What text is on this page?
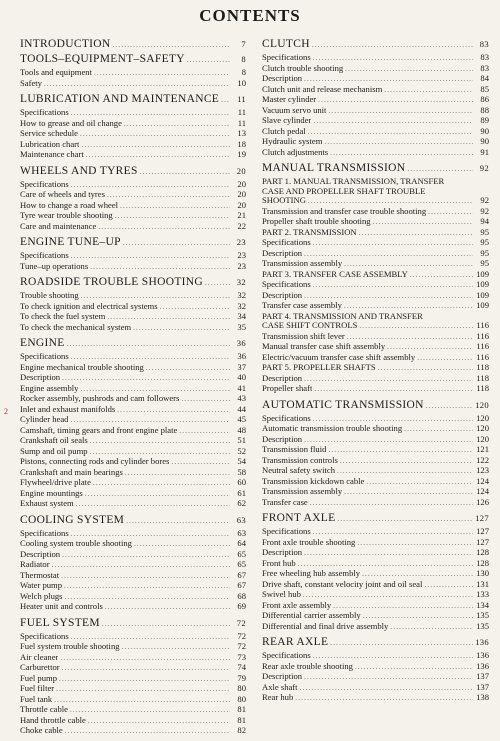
CONTENTS
2
INTRODUCTION .....	7
TOOLS–EQUIPMENT–SAFETY .....	8
Tools and equipment .....	8
Safety .....	10
LUBRICATION AND MAINTENANCE .....	11
Specifications .....	11
How to grease and oil change .....	11
Service schedule .....	13
Lubrication chart .....	18
Maintenance chart .....	19
WHEELS AND TYRES .....	20
Specifications .....	20
Care of wheels and tyres .....	20
How to change a road wheel .....	20
Tyre wear trouble shooting .....	21
Care and maintenance .....	22
ENGINE TUNE–UP .....	23
Specifications .....	23
Tune–up operations .....	23
ROADSIDE TROUBLE SHOOTING .....	32
Trouble shooting .....	32
To check ignition and electrical systems .....	32
To check the fuel system .....	34
To check the mechanical system .....	35
ENGINE .....	36
Specifications .....	36
Engine mechanical trouble shooting .....	37
Description .....	40
Engine assembly .....	41
Rocker assembly, pushrods and cam followers .....	43
Inlet and exhaust manifolds .....	44
Cylinder head .....	45
Camshaft, timing gears and front engine plate .....	48
Crankshaft oil seals .....	51
Sump and oil pump .....	52
Pistons, connecting rods and cylinder bores .....	54
Crankshaft and main bearings .....	58
Flywheel/drive plate .....	60
Engine mountings .....	61
Exhaust system .....	62
COOLING SYSTEM .....	63
Specifications .....	63
Cooling system trouble shooting .....	64
Description .....	65
Radiator .....	65
Thermostat .....	67
Water pump .....	67
Welch plugs .....	68
Heater unit and controls .....	69
FUEL SYSTEM .....	72
Specifications .....	72
Fuel system trouble shooting .....	72
Air cleaner .....	73
Carburettor .....	74
Fuel pump .....	79
Fuel filter .....	80
Fuel tank .....	80
Throttle cable .....	81
Hand throttle cable .....	81
Choke cable .....	82
CLUTCH .....	83
Specifications .....	83
Clutch trouble shooting .....	83
Description .....	84
Clutch unit and release mechanism .....	85
Master cylinder .....	86
Vacuum servo unit .....	88
Slave cylinder .....	89
Clutch pedal .....	90
Hydraulic system .....	90
Clutch adjustments .....	91
MANUAL TRANSMISSION .....	92
PART 1. MANUAL TRANSMISSION, TRANSFER
CASE AND PROPELLER SHAFT TROUBLE
SHOOTING .....	92
Transmission and transfer case trouble shooting .....	92
Propeller shaft trouble shooting .....	94
PART 2. TRANSMISSION .....	95
Specifications .....	95
Description .....	95
Transmission assembly .....	95
PART 3. TRANSFER CASE ASSEMBLY .....	109
Specifications .....	109
Description .....	109
Transfer case assembly .....	109
PART 4. TRANSMISSION AND TRANSFER
CASE SHIFT CONTROLS .....	116
Transmission shift lever .....	116
Manual transfer case shift assembly .....	116
Electric/vacuum transfer case shift assembly .....	116
PART 5. PROPELLER SHAFTS .....	118
Description .....	118
Propeller shaft .....	118
AUTOMATIC TRANSMISSION .....	120
Specifications .....	120
Automatic transmission trouble shooting .....	120
Description .....	120
Transmission fluid .....	121
Transmission controls .....	122
Neutral safety switch .....	123
Transmission kickdown cable .....	124
Transmission assembly .....	124
Transfer case .....	126
FRONT AXLE .....	127
Specifications .....	127
Front axle trouble shooting .....	127
Description .....	128
Front hub .....	128
Free wheeling hub assembly .....	130
Drive shaft, constant velocity joint and oil seal .....	131
Swivel hub .....	133
Front axle assembly .....	134
Differential carrier assembly .....	135
Differential and final drive assembly .....	135
REAR AXLE .....	136
Specifications .....	136
Rear axle trouble shooting .....	136
Description .....	137
Axle shaft .....	137
Rear hub .....	138
